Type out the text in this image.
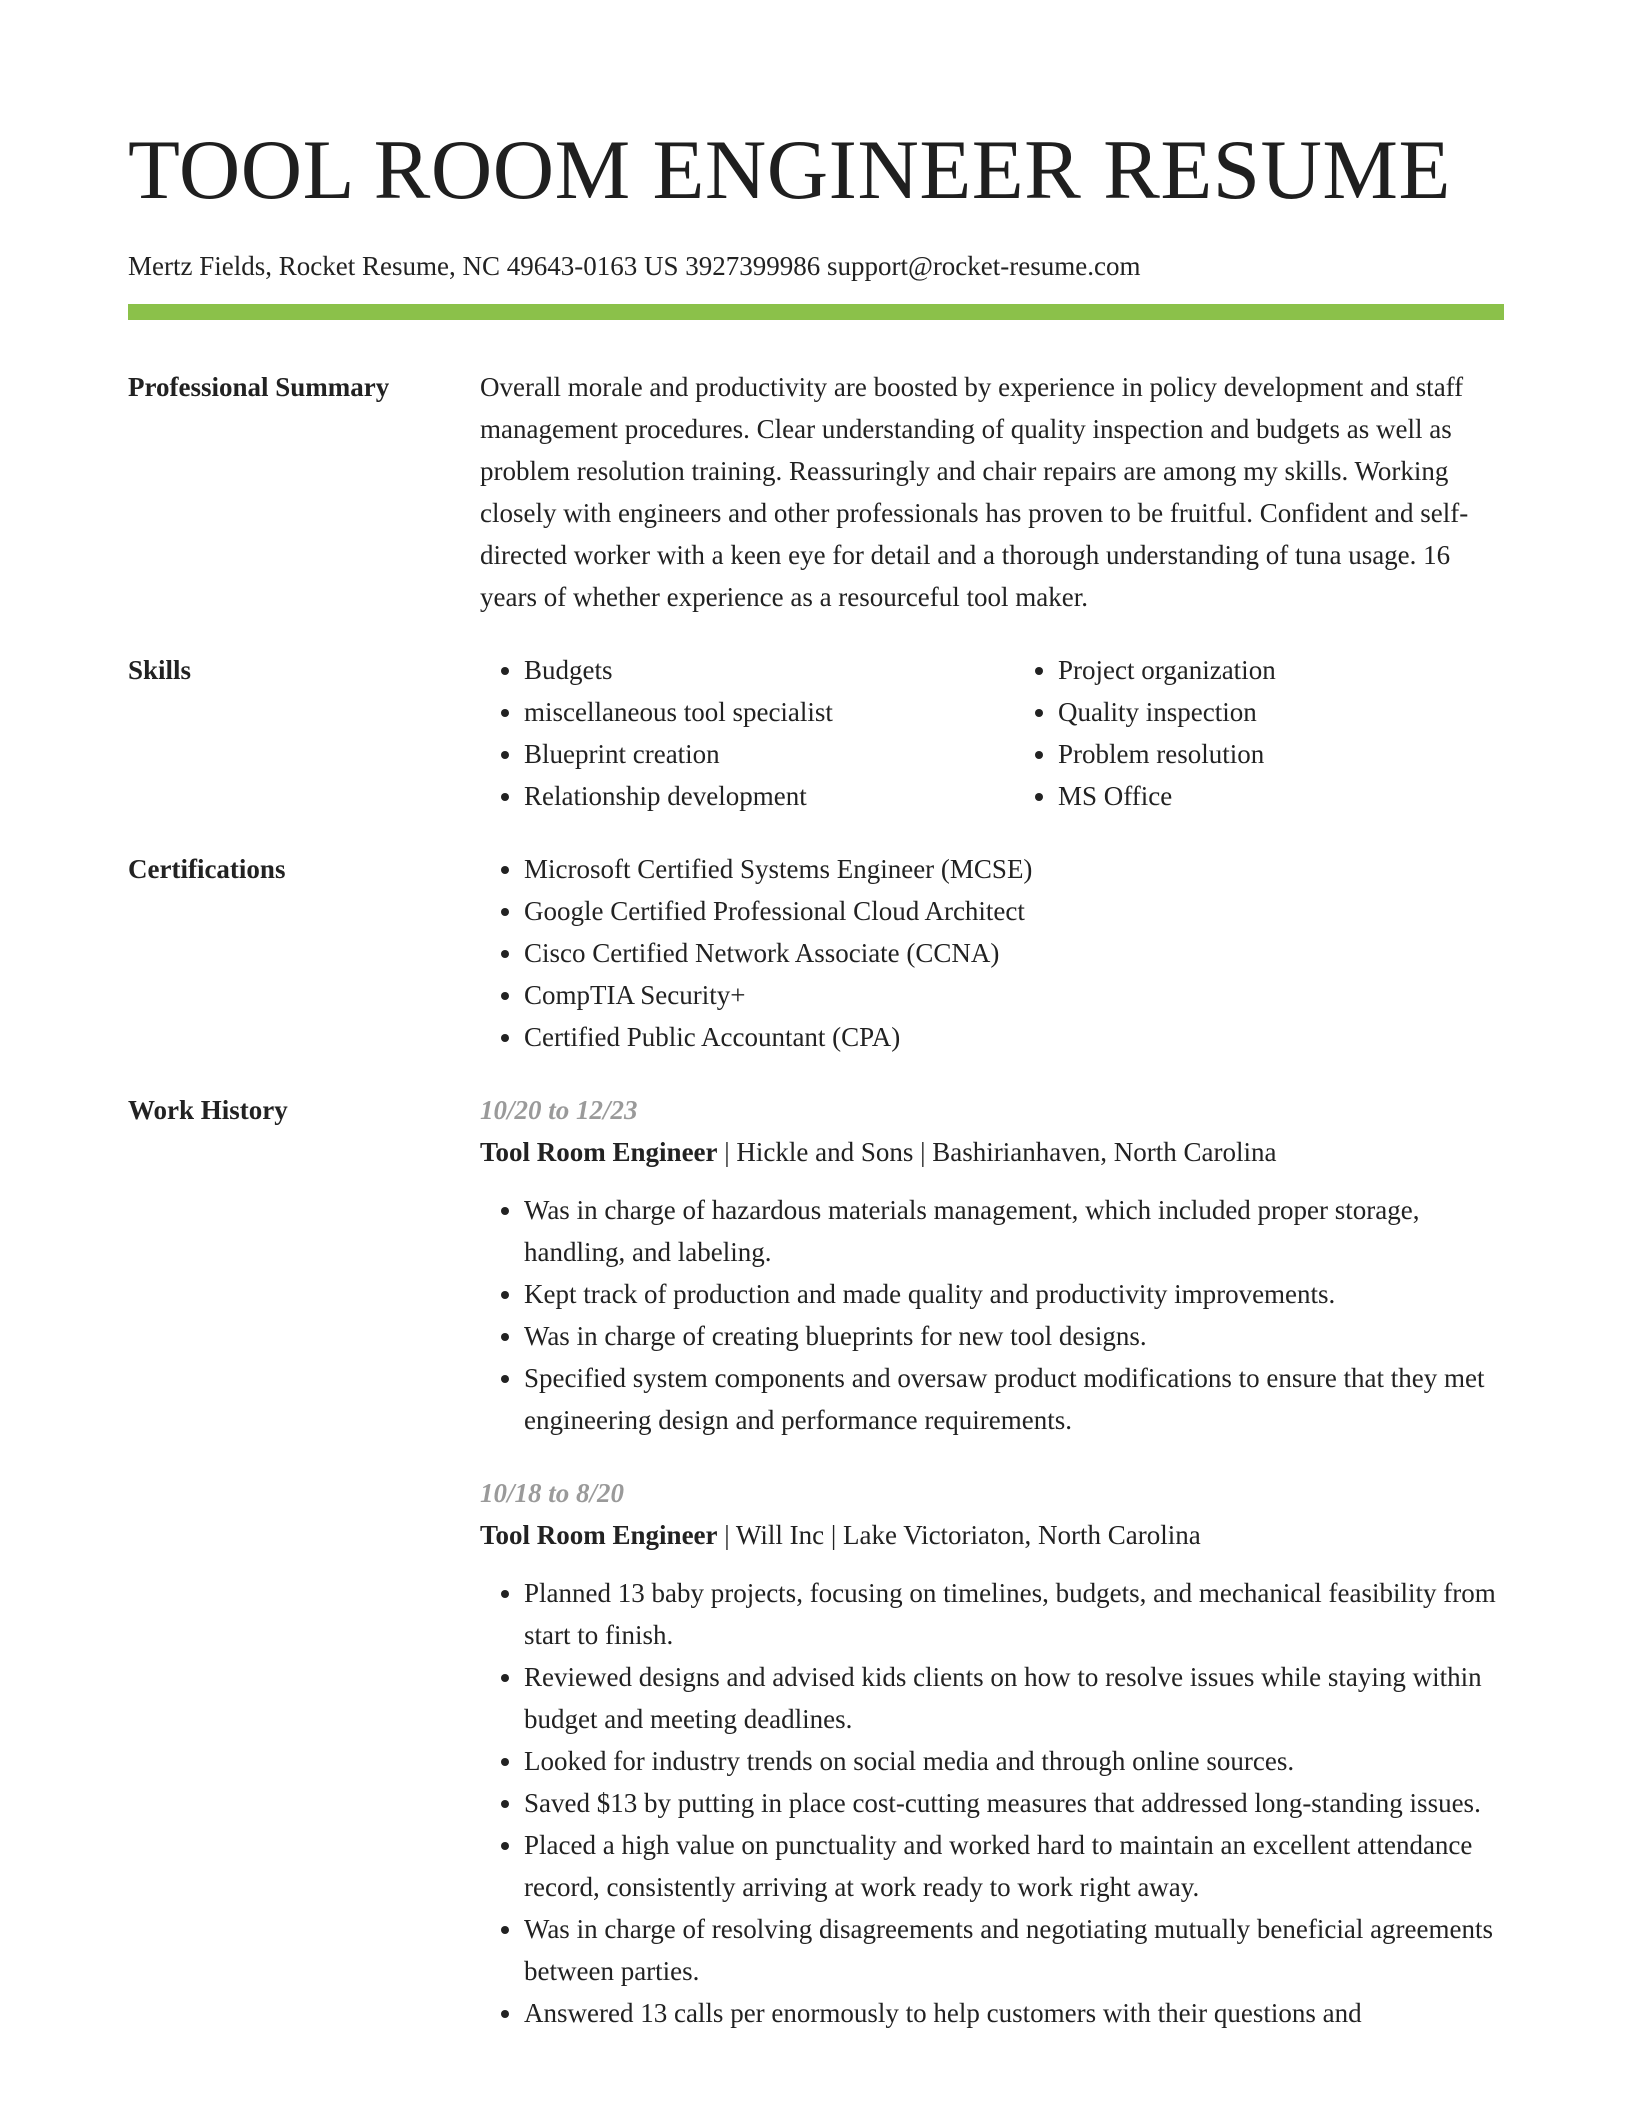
TOOL ROOM ENGINEER RESUME
Mertz Fields, Rocket Resume, NC 49643-0163 US 3927399986 support@rocket-resume.com
Professional Summary	Overall morale and productivity are boosted by experience in policy development and staff management procedures. Clear understanding of quality inspection and budgets as well as problem resolution training. Reassuringly and chair repairs are among my skills. Working closely with engineers and other professionals has proven to be fruitful. Confident and self-directed worker with a keen eye for detail and a thorough understanding of tuna usage. 16 years of whether experience as a resourceful tool maker.

Skills	• Budgets
• miscellaneous tool specialist
• Blueprint creation
• Relationship development
• Project organization
• Quality inspection
• Problem resolution
• MS Office
Certifications	• Microsoft Certified Systems Engineer (MCSE)
• Google Certified Professional Cloud Architect
• Cisco Certified Network Associate (CCNA)
• CompTIA Security+
• Certified Public Accountant (CPA)
Work History	10/20 to 12/23
Tool Room Engineer | Hickle and Sons | Bashirianhaven, North Carolina
• Was in charge of hazardous materials management, which included proper storage, handling, and labeling.
• Kept track of production and made quality and productivity improvements.
• Was in charge of creating blueprints for new tool designs.
• Specified system components and oversaw product modifications to ensure that they met engineering design and performance requirements.
10/18 to 8/20
Tool Room Engineer | Will Inc | Lake Victoriaton, North Carolina
• Planned 13 baby projects, focusing on timelines, budgets, and mechanical feasibility from start to finish.
• Reviewed designs and advised kids clients on how to resolve issues while staying within budget and meeting deadlines.
• Looked for industry trends on social media and through online sources.
• Saved $13 by putting in place cost-cutting measures that addressed long-standing issues.
• Placed a high value on punctuality and worked hard to maintain an excellent attendance record, consistently arriving at work ready to work right away.
• Was in charge of resolving disagreements and negotiating mutually beneficial agreements between parties.
• Answered 13 calls per enormously to help customers with their questions and
